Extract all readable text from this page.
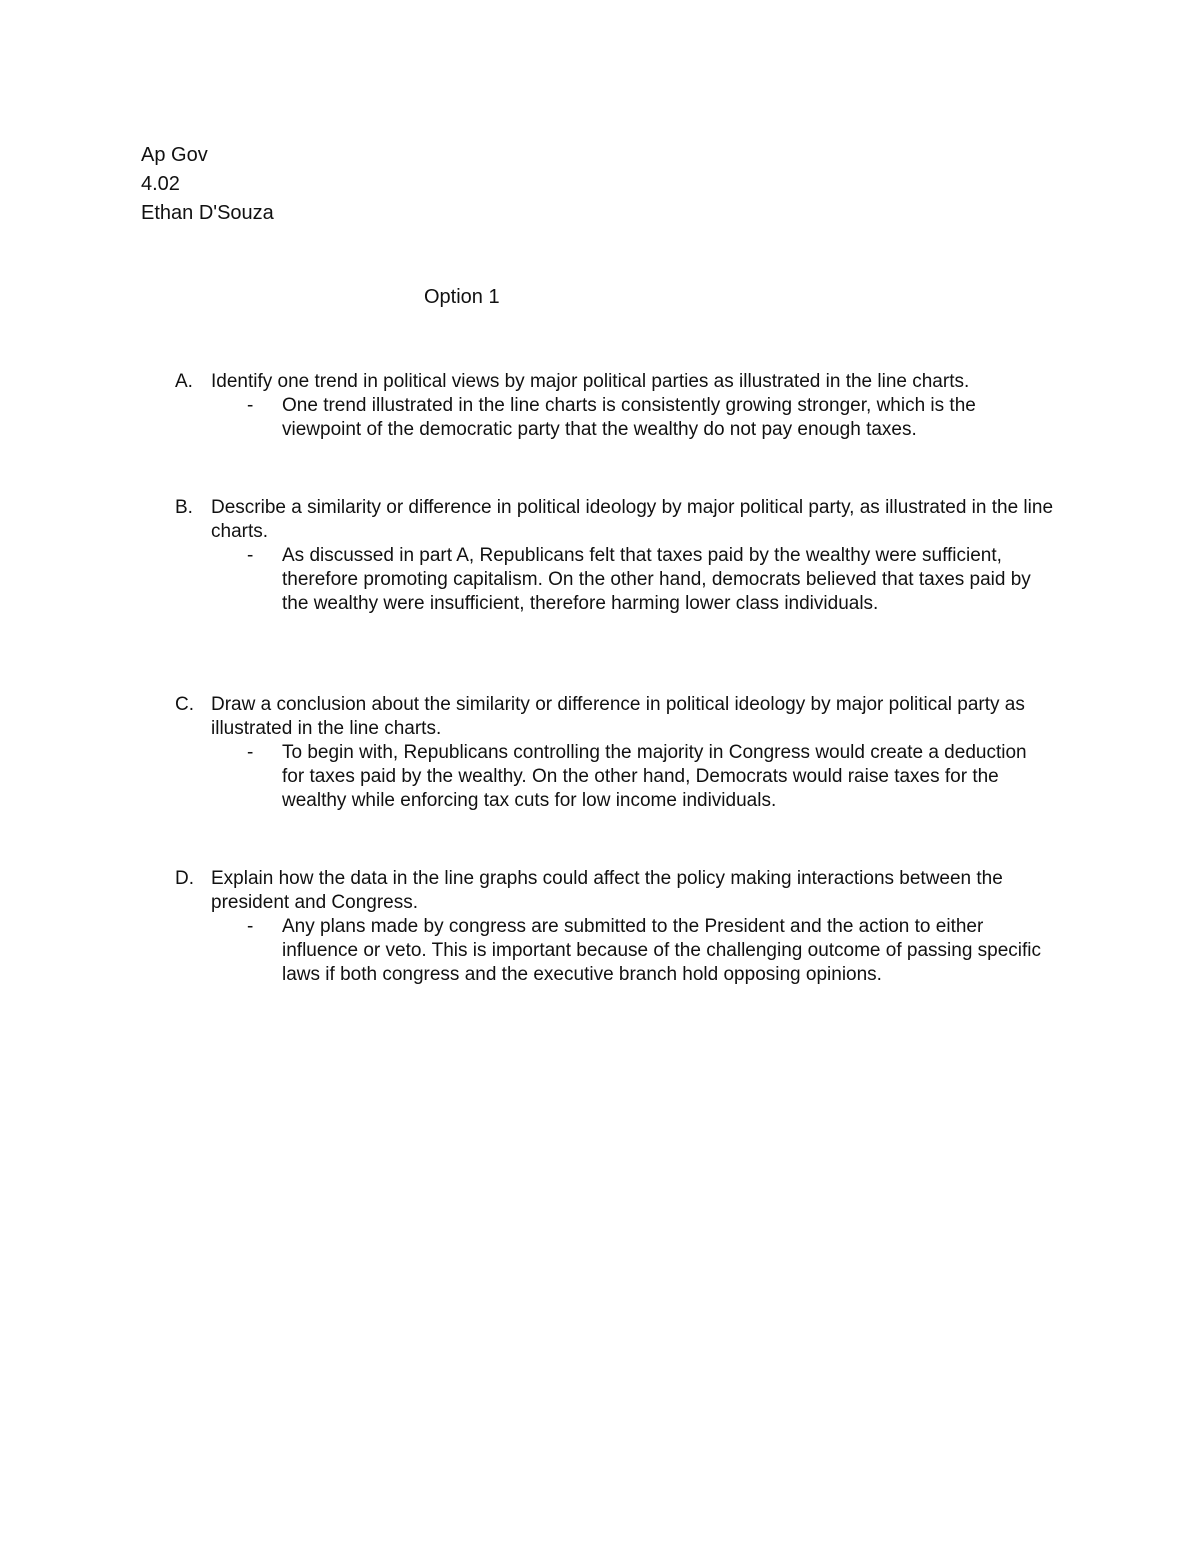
Ap Gov
4.02
Ethan D'Souza
Option 1
A. Identify one trend in political views by major political parties as illustrated in the line charts.
- One trend illustrated in the line charts is consistently growing stronger, which is the viewpoint of the democratic party that the wealthy do not pay enough taxes.
B. Describe a similarity or difference in political ideology by major political party, as illustrated in the line charts.
- As discussed in part A, Republicans felt that taxes paid by the wealthy were sufficient, therefore promoting capitalism. On the other hand, democrats believed that taxes paid by the wealthy were insufficient, therefore harming lower class individuals.
C. Draw a conclusion about the similarity or difference in political ideology by major political party as illustrated in the line charts.
- To begin with, Republicans controlling the majority in Congress would create a deduction for taxes paid by the wealthy. On the other hand, Democrats would raise taxes for the wealthy while enforcing tax cuts for low income individuals.
D. Explain how the data in the line graphs could affect the policy making interactions between the president and Congress.
- Any plans made by congress are submitted to the President and the action to either influence or veto. This is important because of the challenging outcome of passing specific laws if both congress and the executive branch hold opposing opinions.
